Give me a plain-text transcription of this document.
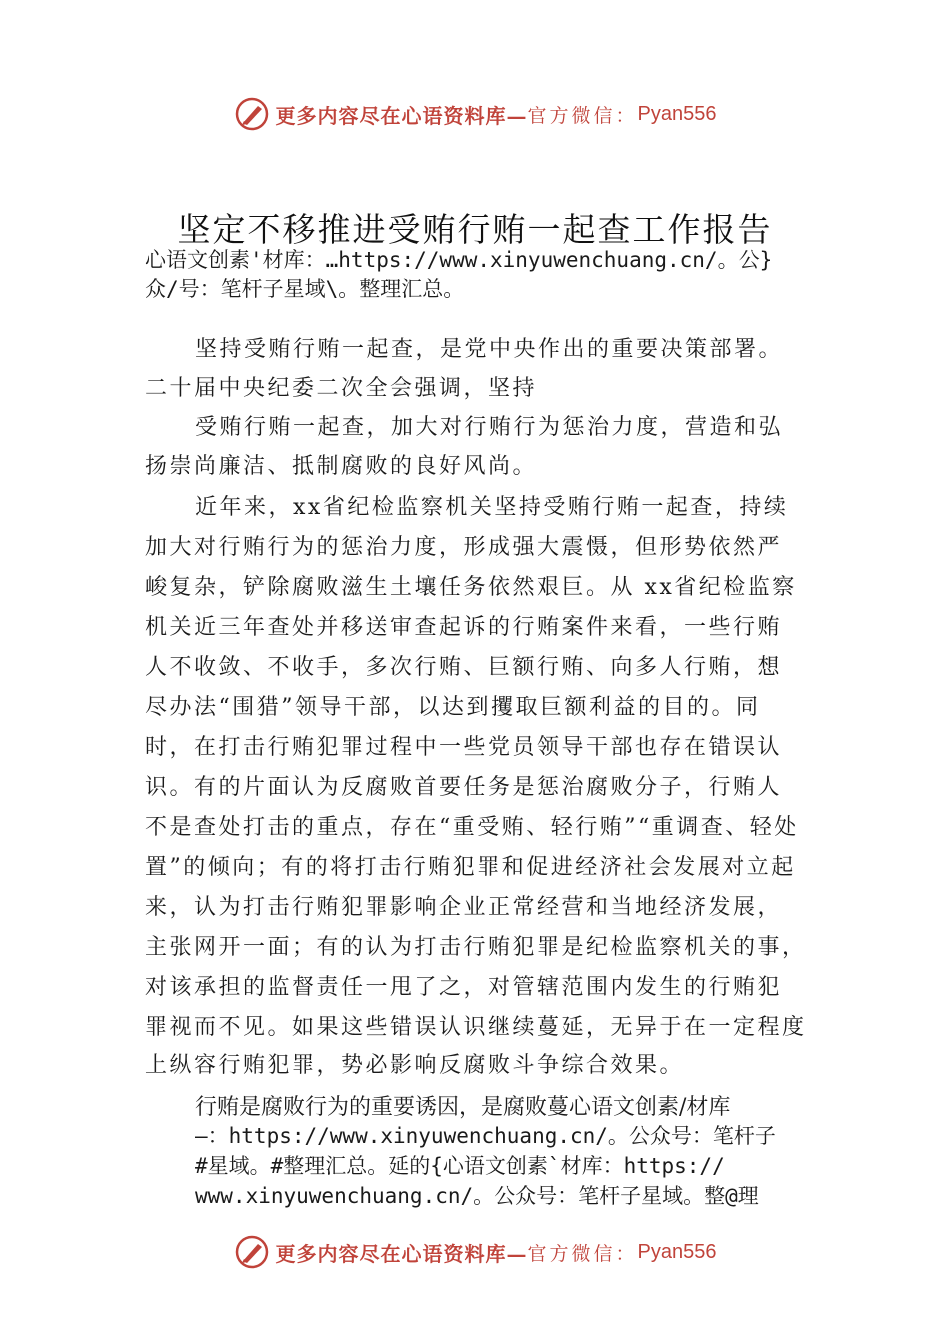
更多内容尽在心语资料库— 官方微信： Pyan556
坚定不移推进受贿行贿一起查工作报告
心语文创素'材库：…https://www.xinyuwenchuang.cn/。公}
众/号：笔杆子星域\。整理汇总。
坚持受贿行贿一起查，是党中央作出的重要决策部署。
二十届中央纪委二次全会强调，坚持
受贿行贿一起查，加大对行贿行为惩治力度，营造和弘
扬崇尚廉洁、抵制腐败的良好风尚。
近年来，xx省纪检监察机关坚持受贿行贿一起查，持续
加大对行贿行为的惩治力度，形成强大震慑，但形势依然严
峻复杂，铲除腐败滋生土壤任务依然艰巨。从 xx省纪检监察
机关近三年查处并移送审查起诉的行贿案件来看，一些行贿
人不收敛、不收手，多次行贿、巨额行贿、向多人行贿，想
尽办法“围猎”领导干部，以达到攫取巨额利益的目的。同
时，在打击行贿犯罪过程中一些党员领导干部也存在错误认
识。有的片面认为反腐败首要任务是惩治腐败分子，行贿人
不是查处打击的重点，存在“重受贿、轻行贿”“重调查、轻处
置”的倾向；有的将打击行贿犯罪和促进经济社会发展对立起
来，认为打击行贿犯罪影响企业正常经营和当地经济发展，
主张网开一面；有的认为打击行贿犯罪是纪检监察机关的事，
对该承担的监督责任一甩了之，对管辖范围内发生的行贿犯
罪视而不见。如果这些错误认识继续蔓延，无异于在一定程度
上纵容行贿犯罪，势必影响反腐败斗争综合效果。
行贿是腐败行为的重要诱因，是腐败蔓心语文创素/材库
—：https://www.xinyuwenchuang.cn/。公众号：笔杆子
#星域。#整理汇总。延的{心语文创素`材库：https://
www.xinyuwenchuang.cn/。公众号：笔杆子星域。整@理
更多内容尽在心语资料库— 官方微信： Pyan556
